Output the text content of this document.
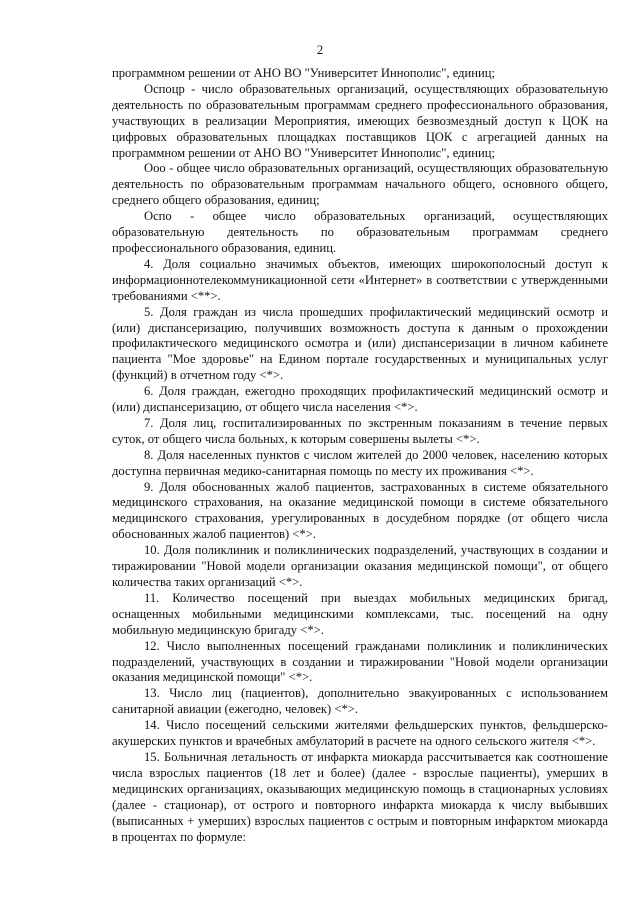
2

программном решении от АНО ВО "Университет Иннополис", единиц;

Оспоцр - число образовательных организаций, осуществляющих образовательную деятельность по образовательным программам среднего профессионального образования, участвующих в реализации Мероприятия, имеющих безвозмездный доступ к ЦОК на цифровых образовательных площадках поставщиков ЦОК с агрегацией данных на программном решении от АНО ВО "Университет Иннополис", единиц;

Ооо - общее число образовательных организаций, осуществляющих образовательную деятельность по образовательным программам начального общего, основного общего, среднего общего образования, единиц;

Оспо - общее число образовательных организаций, осуществляющих образовательную деятельность по образовательным программам среднего профессионального образования, единиц.

4. Доля социально значимых объектов, имеющих широкополосный доступ к информационнотелекоммуникационной сети «Интернет» в соответствии с утвержденными требованиями <**>.

5. Доля граждан из числа прошедших профилактический медицинский осмотр и (или) диспансеризацию, получивших возможность доступа к данным о прохождении профилактического медицинского осмотра и (или) диспансеризации в личном кабинете пациента "Мое здоровье" на Едином портале государственных и муниципальных услуг (функций) в отчетном году <*>.

6. Доля граждан, ежегодно проходящих профилактический медицинский осмотр и (или) диспансеризацию, от общего числа населения <*>.

7. Доля лиц, госпитализированных по экстренным показаниям в течение первых суток, от общего числа больных, к которым совершены вылеты <*>.

8. Доля населенных пунктов с числом жителей до 2000 человек, населению которых доступна первичная медико-санитарная помощь по месту их проживания <*>.

9. Доля обоснованных жалоб пациентов, застрахованных в системе обязательного медицинского страхования, на оказание медицинской помощи в системе обязательного медицинского страхования, урегулированных в досудебном порядке (от общего числа обоснованных жалоб пациентов) <*>.

10. Доля поликлиник и поликлинических подразделений, участвующих в создании и тиражировании "Новой модели организации оказания медицинской помощи", от общего количества таких организаций <*>.

11. Количество посещений при выездах мобильных медицинских бригад, оснащенных мобильными медицинскими комплексами, тыс. посещений на одну мобильную медицинскую бригаду <*>.

12. Число выполненных посещений гражданами поликлиник и поликлинических подразделений, участвующих в создании и тиражировании "Новой модели организации оказания медицинской помощи" <*>.

13. Число лиц (пациентов), дополнительно эвакуированных с использованием санитарной авиации (ежегодно, человек) <*>.

14. Число посещений сельскими жителями фельдшерских пунктов, фельдшерско-акушерских пунктов и врачебных амбулаторий в расчете на одного сельского жителя <*>.

15. Больничная летальность от инфаркта миокарда рассчитывается как соотношение числа взрослых пациентов (18 лет и более) (далее - взрослые пациенты), умерших в медицинских организациях, оказывающих медицинскую помощь в стационарных условиях (далее - стационар), от острого и повторного инфаркта миокарда к числу выбывших (выписанных + умерших) взрослых пациентов с острым и повторным инфарктом миокарда в процентах по формуле:
